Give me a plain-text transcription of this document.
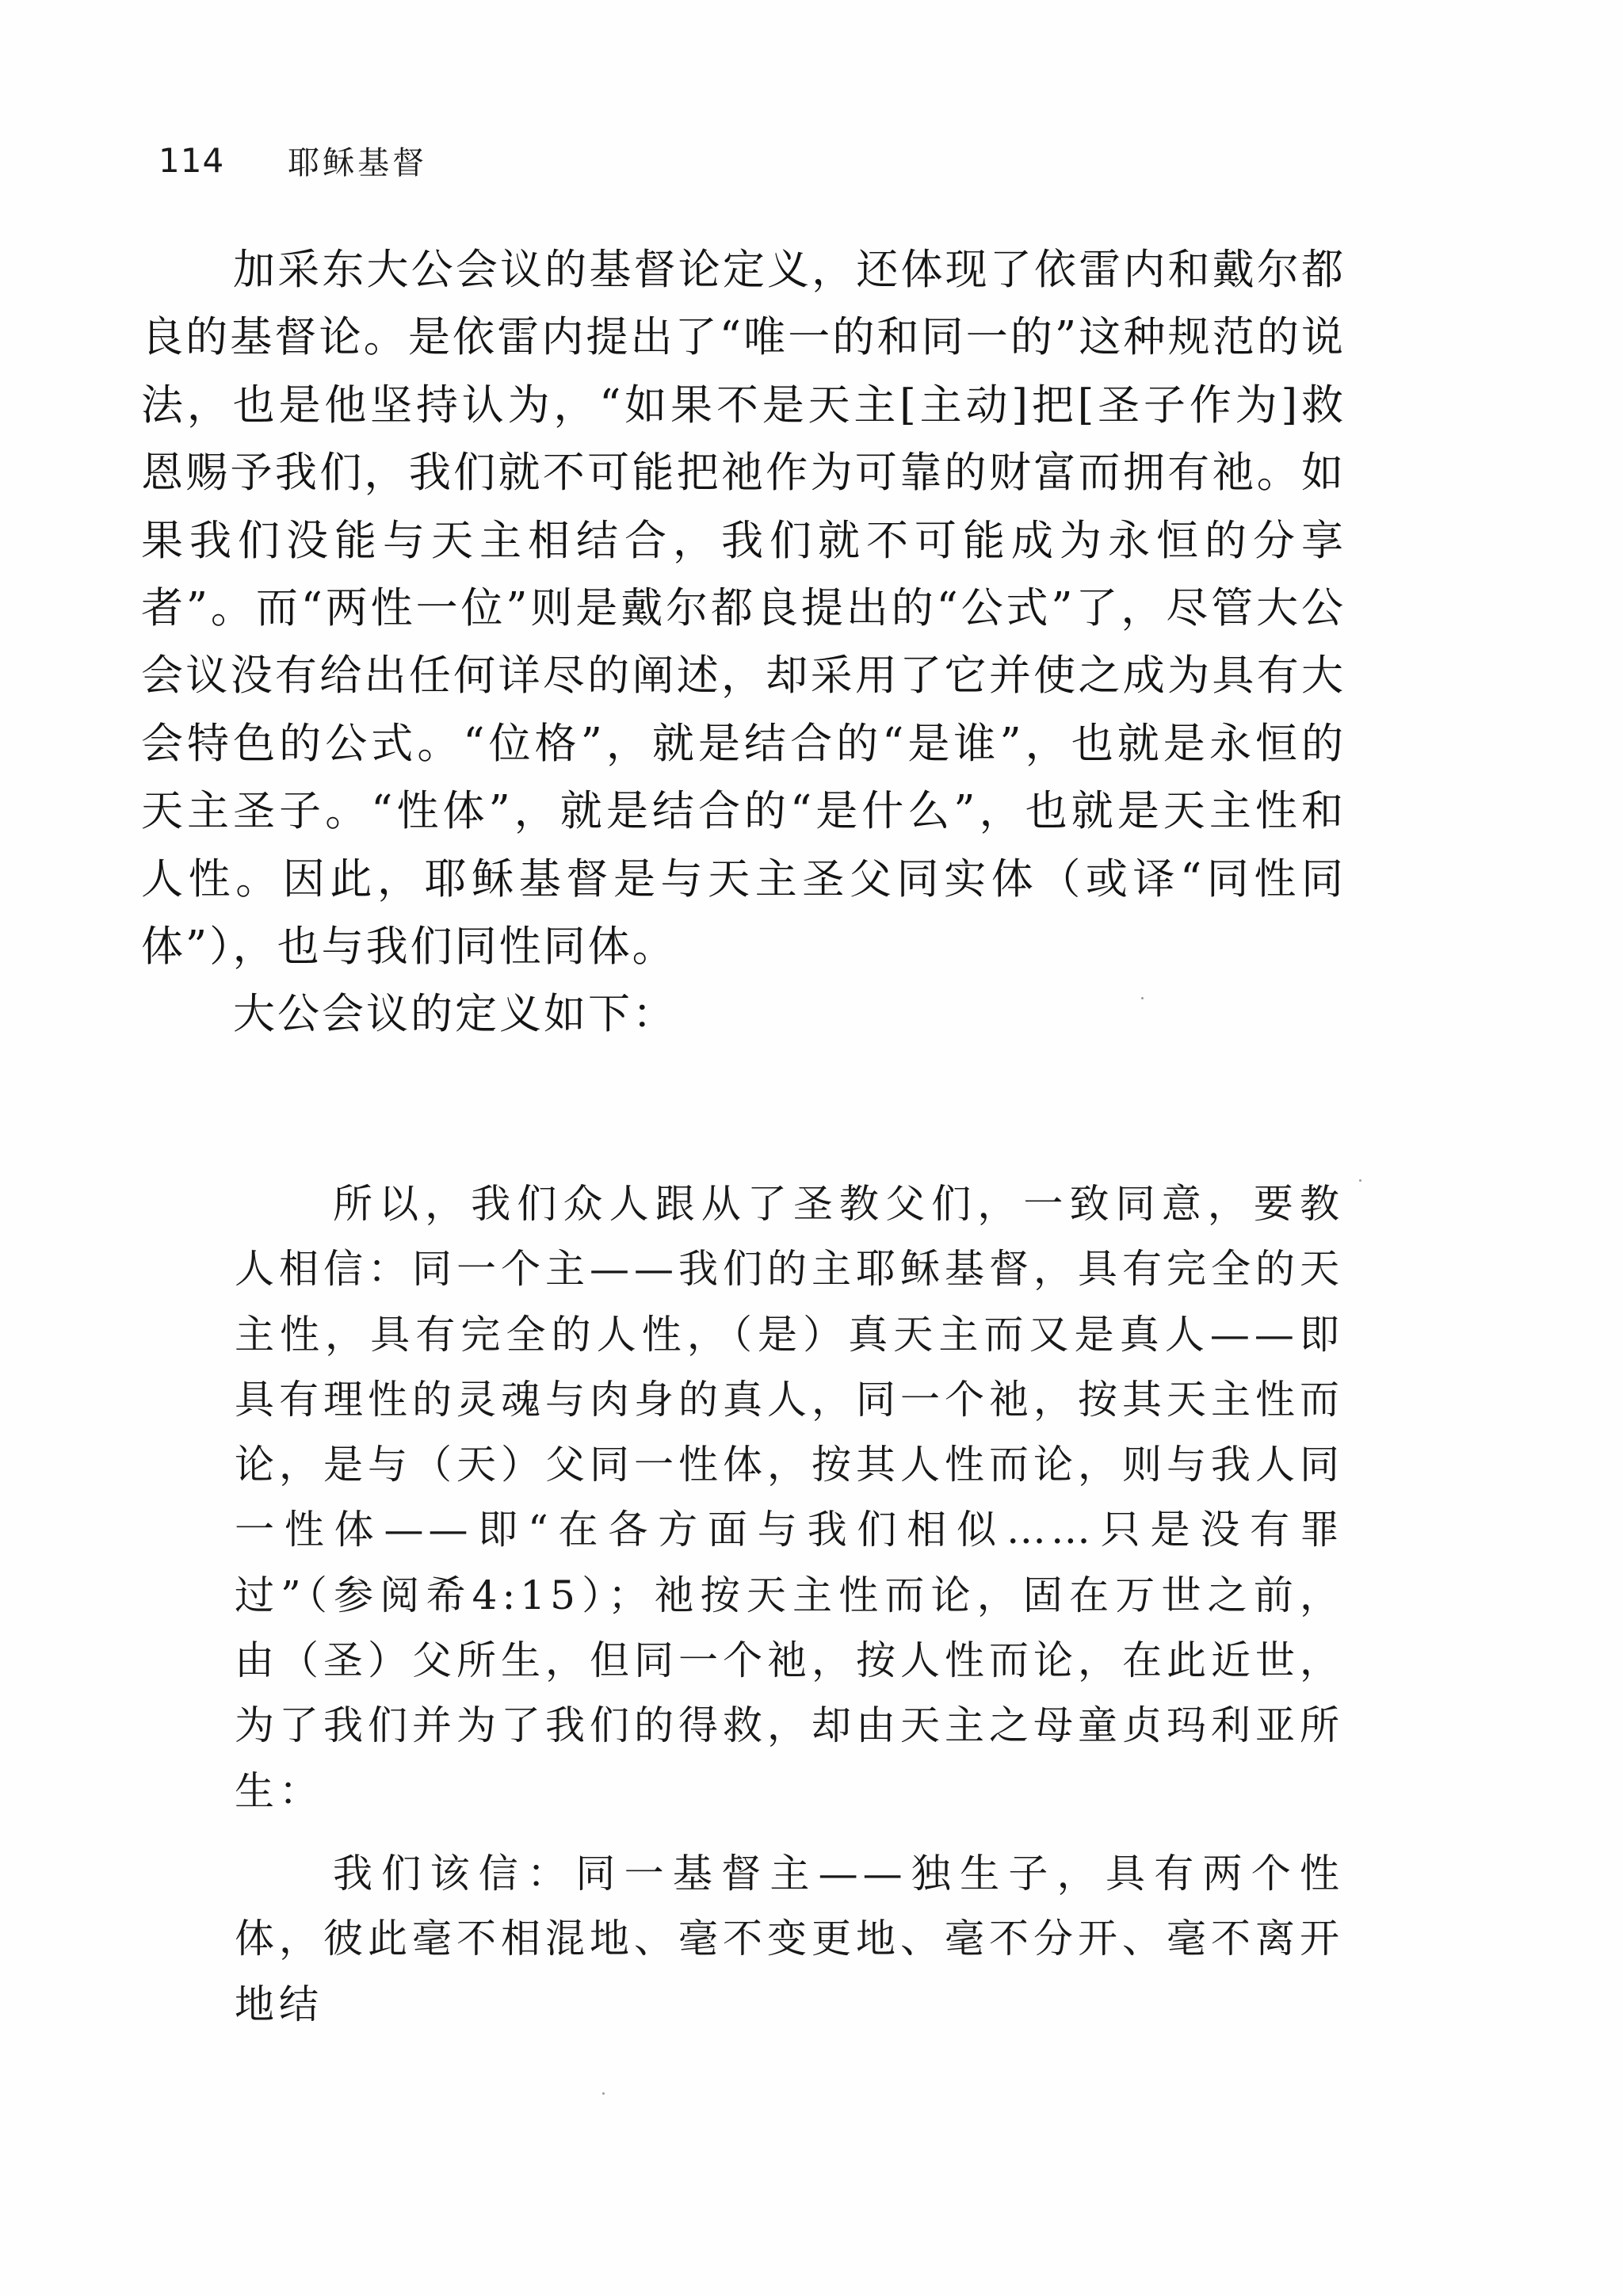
114 耶稣基督

加采东大公会议的基督论定义，还体现了依雷内和戴尔都良的基督论。是依雷内提出了“唯一的和同一的”这种规范的说法，也是他坚持认为，“如果不是天主[主动]把[圣子作为]救恩赐予我们，我们就不可能把祂作为可靠的财富而拥有祂。如果我们没能与天主相结合，我们就不可能成为永恒的分享者”。而“两性一位”则是戴尔都良提出的“公式”了，尽管大公会议没有给出任何详尽的阐述，却采用了它并使之成为具有大会特色的公式。“位格”，就是结合的“是谁”，也就是永恒的天主圣子。“性体”，就是结合的“是什么”，也就是天主性和人性。因此，耶稣基督是与天主圣父同实体（或译“同性同体”），也与我们同性同体。

大公会议的定义如下：

所以，我们众人跟从了圣教父们，一致同意，要教人相信：同一个主——我们的主耶稣基督，具有完全的天主性，具有完全的人性，（是）真天主而又是真人——即具有理性的灵魂与肉身的真人，同一个祂，按其天主性而论，是与（天）父同一性体，按其人性而论，则与我人同一性体——即“在各方面与我们相似……只是没有罪过”（参阅希4:15）；祂按天主性而论，固在万世之前，由（圣）父所生，但同一个祂，按人性而论，在此近世，为了我们并为了我们的得救，却由天主之母童贞玛利亚所生：

我们该信：同一基督主——独生子，具有两个性体，彼此毫不相混地、毫不变更地、毫不分开、毫不离开地结
